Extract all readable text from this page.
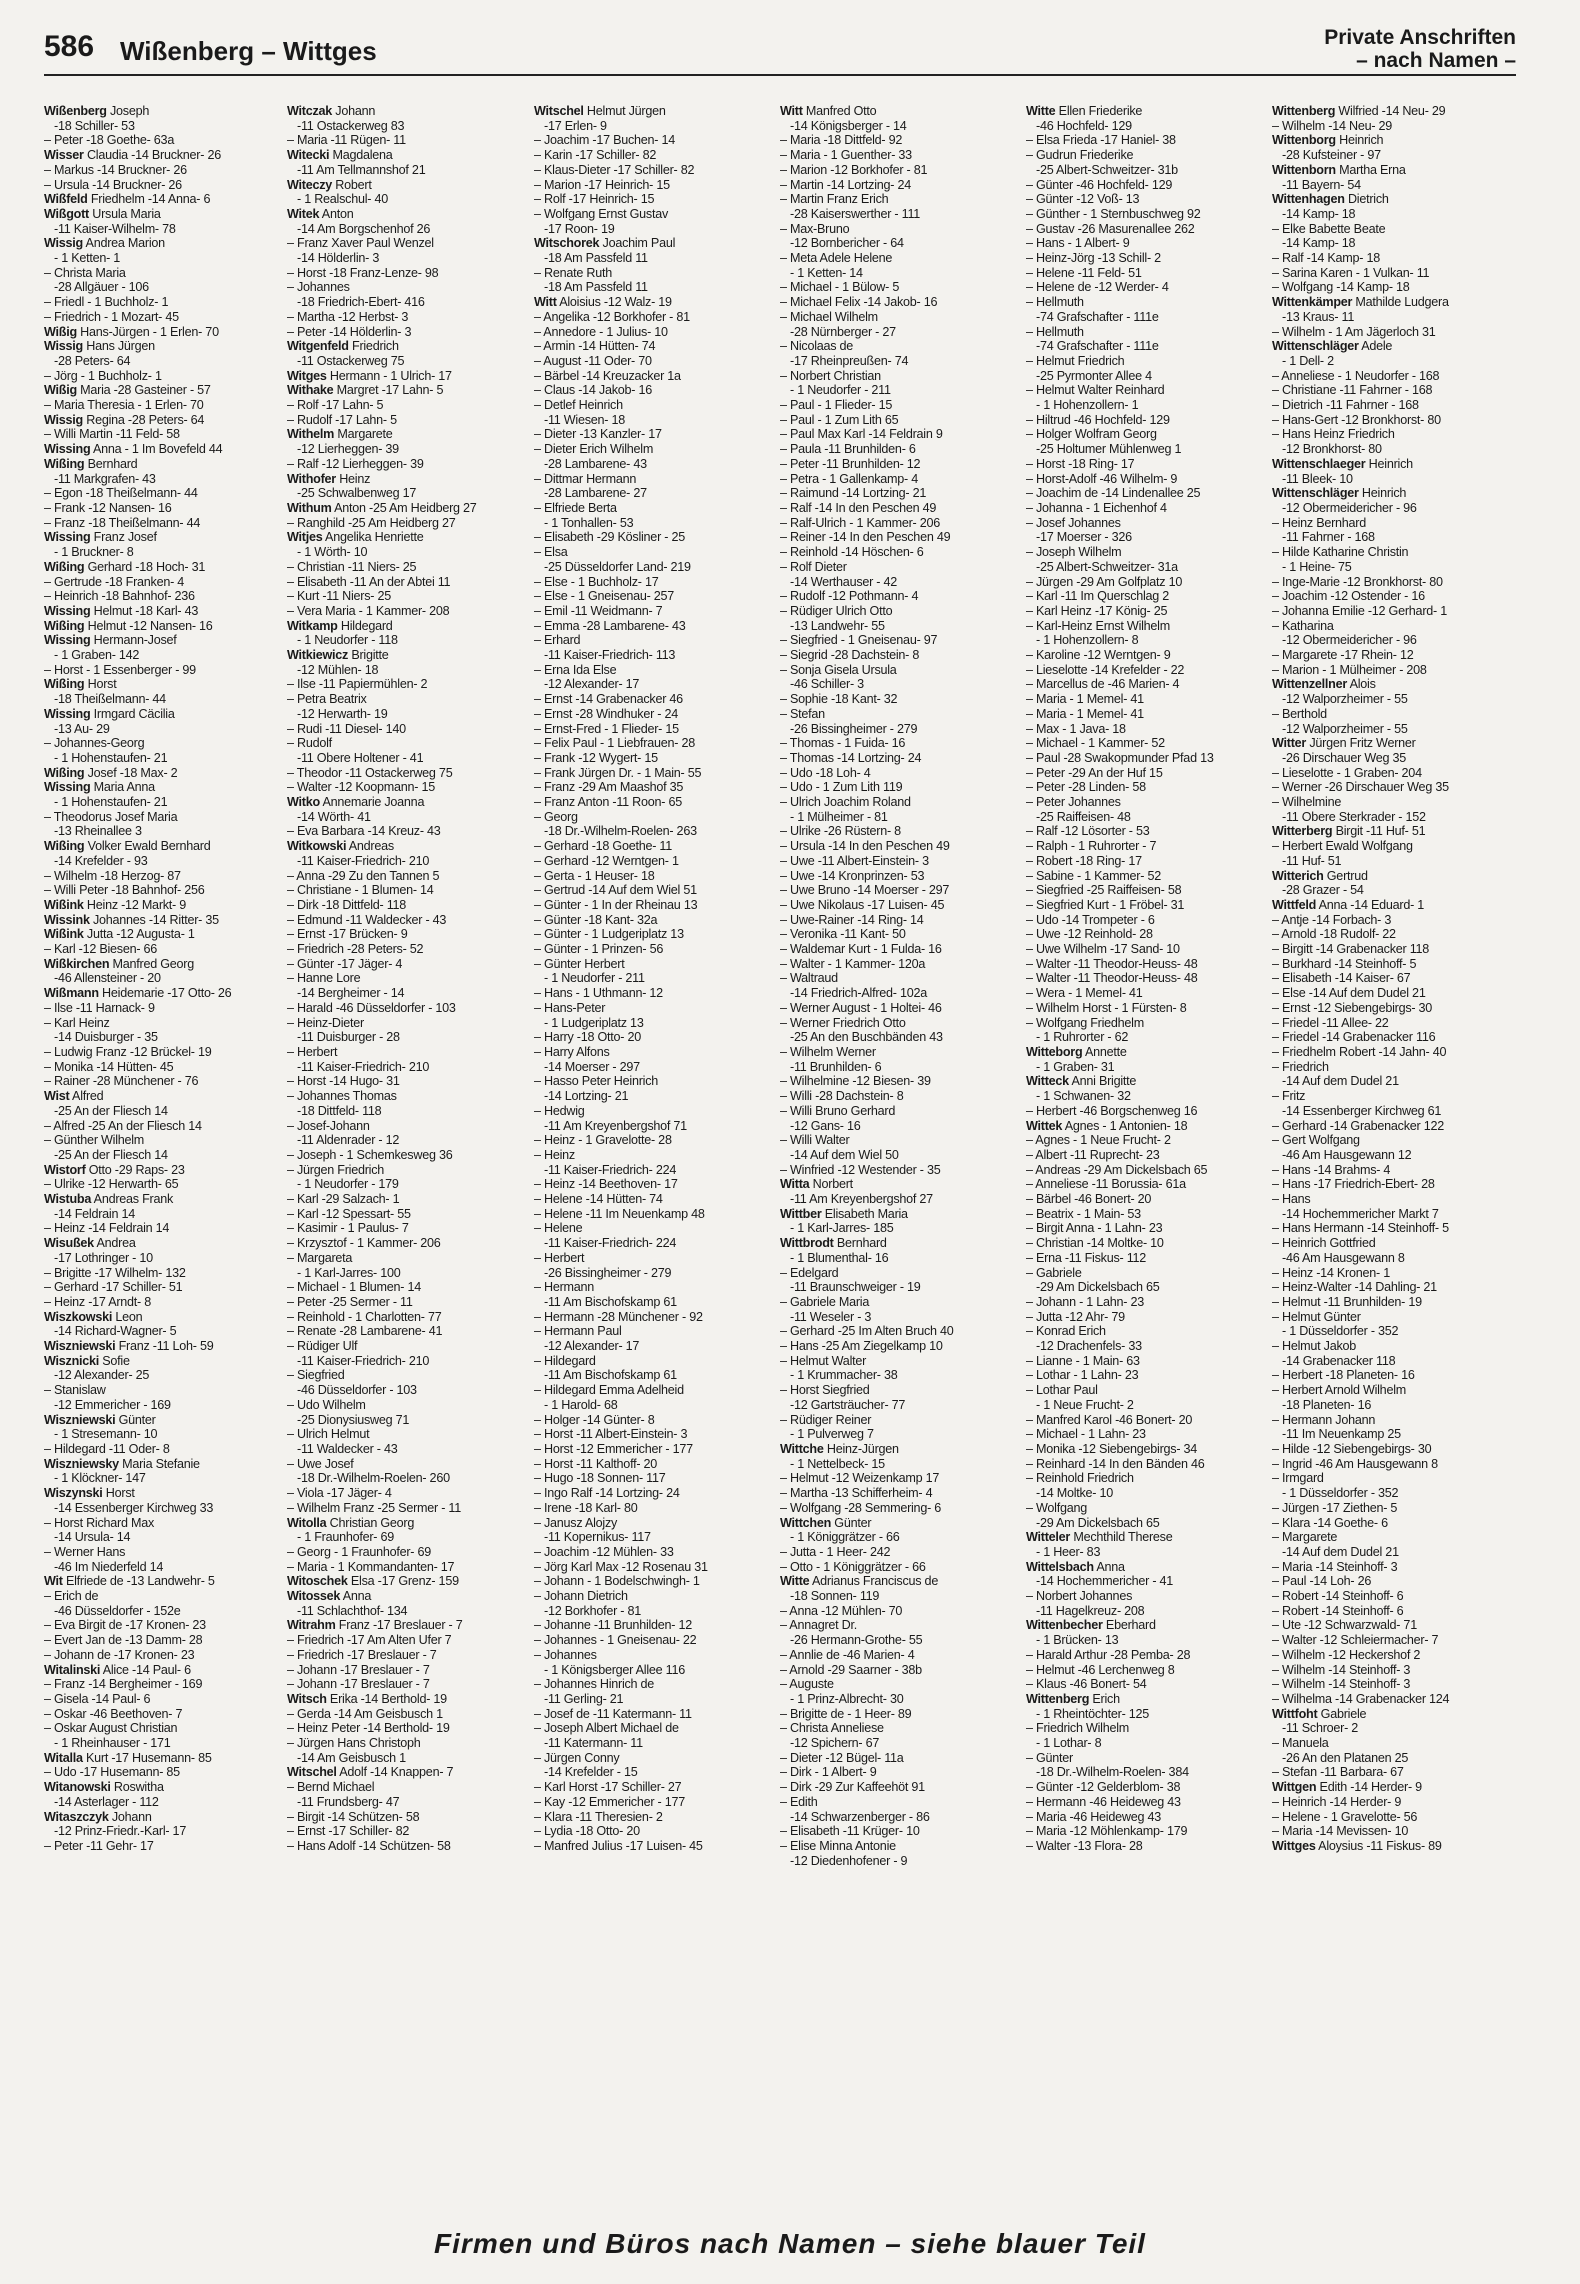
586 Wißenberg – Wittges	Private Anschriften
– nach Namen –
Wißenberg Joseph
-18 Schiller- 53
– Peter -18 Goethe- 63a
Wisser Claudia -14 Bruckner- 26
– Markus -14 Bruckner- 26
– Ursula -14 Bruckner- 26
Wißfeld Friedhelm -14 Anna- 6
Wißgott Ursula Maria
-11 Kaiser-Wilhelm- 78
Wissig Andrea Marion
- 1 Ketten- 1
– Christa Maria
-28 Allgäuer - 106
– Friedl - 1 Buchholz- 1
– Friedrich - 1 Mozart- 45
Wißig Hans-Jürgen - 1 Erlen- 70
Wissig Hans Jürgen
-28 Peters- 64
– Jörg - 1 Buchholz- 1
Wißig Maria -28 Gasteiner - 57
– Maria Theresia - 1 Erlen- 70
Wissig Regina -28 Peters- 64
– Willi Martin -11 Feld- 58
Wissing Anna - 1 Im Bovefeld 44
Wißing Bernhard
-11 Markgrafen- 43
– Egon -18 Theißelmann- 44
– Frank -12 Nansen- 16
– Franz -18 Theißelmann- 44
Wissing Franz Josef
- 1 Bruckner- 8
Wißing Gerhard -18 Hoch- 31
– Gertrude -18 Franken- 4
– Heinrich -18 Bahnhof- 236
Wissing Helmut -18 Karl- 43
Wißing Helmut -12 Nansen- 16
Wissing Hermann-Josef
- 1 Graben- 142
– Horst - 1 Essenberger - 99
Wißing Horst
-18 Theißelmann- 44
Wissing Irmgard Cäcilia
-13 Au- 29
– Johannes-Georg
- 1 Hohenstaufen- 21
Wißing Josef -18 Max- 2
Wissing Maria Anna
- 1 Hohenstaufen- 21
– Theodorus Josef Maria
-13 Rheinallee 3
Wißing Volker Ewald Bernhard
-14 Krefelder - 93
– Wilhelm -18 Herzog- 87
– Willi Peter -18 Bahnhof- 256
Wißink Heinz -12 Markt- 9
Wissink Johannes -14 Ritter- 35
Wißink Jutta -12 Augusta- 1
– Karl -12 Biesen- 66
Wißkirchen Manfred Georg
-46 Allensteiner - 20
Wißmann Heidemarie -17 Otto- 26
– Ilse -11 Harnack- 9
– Karl Heinz
-14 Duisburger - 35
– Ludwig Franz -12 Brückel- 19
– Monika -14 Hütten- 45
– Rainer -28 Münchener - 76
Wist Alfred
-25 An der Fliesch 14
– Alfred -25 An der Fliesch 14
– Günther Wilhelm
-25 An der Fliesch 14
Wistorf Otto -29 Raps- 23
– Ulrike -12 Herwarth- 65
Wistuba Andreas Frank
-14 Feldrain 14
– Heinz -14 Feldrain 14
Wisußek Andrea
-17 Lothringer - 10
– Brigitte -17 Wilhelm- 132
– Gerhard -17 Schiller- 51
– Heinz -17 Arndt- 8
Wiszkowski Leon
-14 Richard-Wagner- 5
Wiszniewski Franz -11 Loh- 59
Wisznicki Sofie
-12 Alexander- 25
– Stanislaw
-12 Emmericher - 169
Wiszniewski Günter
- 1 Stresemann- 10
– Hildegard -11 Oder- 8
Wiszniewsky Maria Stefanie
- 1 Klöckner- 147
Wiszynski Horst
-14 Essenberger Kirchweg 33
– Horst Richard Max
-14 Ursula- 14
– Werner Hans
-46 Im Niederfeld 14
Wit Elfriede de -13 Landwehr- 5
– Erich de
-46 Düsseldorfer - 152e
– Eva Birgit de -17 Kronen- 23
– Evert Jan de -13 Damm- 28
– Johann de -17 Kronen- 23
Witalinski Alice -14 Paul- 6
– Franz -14 Bergheimer - 169
– Gisela -14 Paul- 6
– Oskar -46 Beethoven- 7
– Oskar August Christian
- 1 Rheinhauser - 171
Witalla Kurt -17 Husemann- 85
– Udo -17 Husemann- 85
Witanowski Roswitha
-14 Asterlager - 112
Witaszczyk Johann
-12 Prinz-Friedr.-Karl- 17
– Peter -11 Gehr- 17
Witczak Johann
-11 Ostackerweg 83
– Maria -11 Rügen- 11
Witecki Magdalena
-11 Am Tellmannshof 21
Witeczy Robert
- 1 Realschul- 40
Witek Anton
-14 Am Borgschenhof 26
– Franz Xaver Paul Wenzel
-14 Hölderlin- 3
– Horst -18 Franz-Lenze- 98
– Johannes
-18 Friedrich-Ebert- 416
– Martha -12 Herbst- 3
– Peter -14 Hölderlin- 3
Witgenfeld Friedrich
-11 Ostackerweg 75
Witges Hermann - 1 Ulrich- 17
Withake Margret -17 Lahn- 5
– Rolf -17 Lahn- 5
– Rudolf -17 Lahn- 5
Withelm Margarete
-12 Lierheggen- 39
– Ralf -12 Lierheggen- 39
Withofer Heinz
-25 Schwalbenweg 17
Withum Anton -25 Am Heidberg 27
– Ranghild -25 Am Heidberg 27
Witjes Angelika Henriette
- 1 Wörth- 10
– Christian -11 Niers- 25
– Elisabeth -11 An der Abtei 11
– Kurt -11 Niers- 25
– Vera Maria - 1 Kammer- 208
Witkamp Hildegard
- 1 Neudorfer - 118
Witkiewicz Brigitte
-12 Mühlen- 18
– Ilse -11 Papiermühlen- 2
– Petra Beatrix
-12 Herwarth- 19
– Rudi -11 Diesel- 140
– Rudolf
-11 Obere Holtener - 41
– Theodor -11 Ostackerweg 75
– Walter -12 Koopmann- 15
Witko Annemarie Joanna
-14 Wörth- 41
– Eva Barbara -14 Kreuz- 43
Witkowski Andreas
-11 Kaiser-Friedrich- 210
– Anna -29 Zu den Tannen 5
– Christiane - 1 Blumen- 14
– Dirk -18 Dittfeld- 118
– Edmund -11 Waldecker - 43
– Ernst -17 Brücken- 9
– Friedrich -28 Peters- 52
– Günter -17 Jäger- 4
– Hanne Lore
-14 Bergheimer - 14
– Harald -46 Düsseldorfer - 103
– Heinz-Dieter
-11 Duisburger - 28
– Herbert
-11 Kaiser-Friedrich- 210
– Horst -14 Hugo- 31
– Johannes Thomas
-18 Dittfeld- 118
– Josef-Johann
-11 Aldenrader - 12
– Joseph - 1 Schemkesweg 36
– Jürgen Friedrich
- 1 Neudorfer - 179
– Karl -29 Salzach- 1
– Karl -12 Spessart- 55
– Kasimir - 1 Paulus- 7
– Krzysztof - 1 Kammer- 206
– Margareta
- 1 Karl-Jarres- 100
– Michael - 1 Blumen- 14
– Peter -25 Sermer - 11
– Reinhold - 1 Charlotten- 77
– Renate -28 Lambarene- 41
– Rüdiger Ulf
-11 Kaiser-Friedrich- 210
– Siegfried
-46 Düsseldorfer - 103
– Udo Wilhelm
-25 Dionysiusweg 71
– Ulrich Helmut
-11 Waldecker - 43
– Uwe Josef
-18 Dr.-Wilhelm-Roelen- 260
– Viola -17 Jäger- 4
– Wilhelm Franz -25 Sermer - 11
Witolla Christian Georg
- 1 Fraunhofer- 69
– Georg - 1 Fraunhofer- 69
– Maria - 1 Kommandanten- 17
Witoschek Elsa -17 Grenz- 159
Witossek Anna
-11 Schlachthof- 134
Witrahm Franz -17 Breslauer - 7
– Friedrich -17 Am Alten Ufer 7
– Friedrich -17 Breslauer - 7
– Johann -17 Breslauer - 7
– Johann -17 Breslauer - 7
Witsch Erika -14 Berthold- 19
– Gerda -14 Am Geisbusch 1
– Heinz Peter -14 Berthold- 19
– Jürgen Hans Christoph
-14 Am Geisbusch 1
Witschel Adolf -14 Knappen- 7
– Bernd Michael
-11 Frundsberg- 47
– Birgit -14 Schützen- 58
– Ernst -17 Schiller- 82
– Hans Adolf -14 Schützen- 58
Witschel Helmut Jürgen
-17 Erlen- 9
– Joachim -17 Buchen- 14
– Karin -17 Schiller- 82
– Klaus-Dieter -17 Schiller- 82
– Marion -17 Heinrich- 15
– Rolf -17 Heinrich- 15
– Wolfgang Ernst Gustav
-17 Roon- 19
Witschorek Joachim Paul
-18 Am Passfeld 11
– Renate Ruth
-18 Am Passfeld 11
Witt Aloisius -12 Walz- 19
– Angelika -12 Borkhofer - 81
– Annedore - 1 Julius- 10
– Armin -14 Hütten- 74
– August -11 Oder- 70
– Bärbel -14 Kreuzacker 1a
– Claus -14 Jakob- 16
– Detlef Heinrich
-11 Wiesen- 18
– Dieter -13 Kanzler- 17
– Dieter Erich Wilhelm
-28 Lambarene- 43
– Dittmar Hermann
-28 Lambarene- 27
– Elfriede Berta
- 1 Tonhallen- 53
– Elisabeth -29 Kösliner - 25
– Elsa
-25 Düsseldorfer Land- 219
– Else - 1 Buchholz- 17
– Else - 1 Gneisenau- 257
– Emil -11 Weidmann- 7
– Emma -28 Lambarene- 43
– Erhard
-11 Kaiser-Friedrich- 113
– Erna Ida Else
-12 Alexander- 17
– Ernst -14 Grabenacker 46
– Ernst -28 Windhuker - 24
– Ernst-Fred - 1 Flieder- 15
– Felix Paul - 1 Liebfrauen- 28
– Frank -12 Wygert- 15
– Frank Jürgen Dr. - 1 Main- 55
– Franz -29 Am Maashof 35
– Franz Anton -11 Roon- 65
– Georg
-18 Dr.-Wilhelm-Roelen- 263
– Gerhard -18 Goethe- 11
– Gerhard -12 Werntgen- 1
– Gerta - 1 Heuser- 18
– Gertrud -14 Auf dem Wiel 51
– Günter - 1 In der Rheinau 13
– Günter -18 Kant- 32a
– Günter - 1 Ludgeriplatz 13
– Günter - 1 Prinzen- 56
– Günter Herbert
- 1 Neudorfer - 211
– Hans - 1 Uthmann- 12
– Hans-Peter
- 1 Ludgeriplatz 13
– Harry -18 Otto- 20
– Harry Alfons
-14 Moerser - 297
– Hasso Peter Heinrich
-14 Lortzing- 21
– Hedwig
-11 Am Kreyenbergshof 71
– Heinz - 1 Gravelotte- 28
– Heinz
-11 Kaiser-Friedrich- 224
– Heinz -14 Beethoven- 17
– Helene -14 Hütten- 74
– Helene -11 Im Neuenkamp 48
– Helene
-11 Kaiser-Friedrich- 224
– Herbert
-26 Bissingheimer - 279
– Hermann
-11 Am Bischofskamp 61
– Hermann -28 Münchener - 92
– Hermann Paul
-12 Alexander- 17
– Hildegard
-11 Am Bischofskamp 61
– Hildegard Emma Adelheid
- 1 Harold- 68
– Holger -14 Günter- 8
– Horst -11 Albert-Einstein- 3
– Horst -12 Emmericher - 177
– Horst -11 Kalthoff- 20
– Hugo -18 Sonnen- 117
– Ingo Ralf -14 Lortzing- 24
– Irene -18 Karl- 80
– Janusz Alojzy
-11 Kopernikus- 117
– Joachim -12 Mühlen- 33
– Jörg Karl Max -12 Rosenau 31
– Johann - 1 Bodelschwingh- 1
– Johann Dietrich
-12 Borkhofer - 81
– Johanne -11 Brunhilden- 12
– Johannes - 1 Gneisenau- 22
– Johannes
- 1 Königsberger Allee 116
– Johannes Hinrich de
-11 Gerling- 21
– Josef de -11 Katermann- 11
– Joseph Albert Michael de
-11 Katermann- 11
– Jürgen Conny
-14 Krefelder - 15
– Karl Horst -17 Schiller- 27
– Kay -12 Emmericher - 177
– Klara -11 Theresien- 2
– Lydia -18 Otto- 20
– Manfred Julius -17 Luisen- 45
Witt Manfred Otto
-14 Königsberger - 14
– Maria -18 Dittfeld- 92
– Maria - 1 Guenther- 33
– Marion -12 Borkhofer - 81
– Martin -14 Lortzing- 24
– Martin Franz Erich
-28 Kaiserswerther - 111
– Max-Bruno
-12 Bornbericher - 64
– Meta Adele Helene
- 1 Ketten- 14
– Michael - 1 Bülow- 5
– Michael Felix -14 Jakob- 16
– Michael Wilhelm
-28 Nürnberger - 27
– Nicolaas de
-17 Rheinpreußen- 74
– Norbert Christian
- 1 Neudorfer - 211
– Paul - 1 Flieder- 15
– Paul - 1 Zum Lith 65
– Paul Max Karl -14 Feldrain 9
– Paula -11 Brunhilden- 6
– Peter -11 Brunhilden- 12
– Petra - 1 Gallenkamp- 4
– Raimund -14 Lortzing- 21
– Ralf -14 In den Peschen 49
– Ralf-Ulrich - 1 Kammer- 206
– Reiner -14 In den Peschen 49
– Reinhold -14 Höschen- 6
– Rolf Dieter
-14 Werthauser - 42
– Rudolf -12 Pothmann- 4
– Rüdiger Ulrich Otto
-13 Landwehr- 55
– Siegfried - 1 Gneisenau- 97
– Siegrid -28 Dachstein- 8
– Sonja Gisela Ursula
-46 Schiller- 3
– Sophie -18 Kant- 32
– Stefan
-26 Bissingheimer - 279
– Thomas - 1 Fuida- 16
– Thomas -14 Lortzing- 24
– Udo -18 Loh- 4
– Udo - 1 Zum Lith 119
– Ulrich Joachim Roland
- 1 Mülheimer - 81
– Ulrike -26 Rüstern- 8
– Ursula -14 In den Peschen 49
– Uwe -11 Albert-Einstein- 3
– Uwe -14 Kronprinzen- 53
– Uwe Bruno -14 Moerser - 297
– Uwe Nikolaus -17 Luisen- 45
– Uwe-Rainer -14 Ring- 14
– Veronika -11 Kant- 50
– Waldemar Kurt - 1 Fulda- 16
– Walter - 1 Kammer- 120a
– Waltraud
-14 Friedrich-Alfred- 102a
– Werner August - 1 Holtei- 46
– Werner Friedrich Otto
-25 An den Buschbänden 43
– Wilhelm Werner
-11 Brunhilden- 6
– Wilhelmine -12 Biesen- 39
– Willi -28 Dachstein- 8
– Willi Bruno Gerhard
-12 Gans- 16
– Willi Walter
-14 Auf dem Wiel 50
– Winfried -12 Westender - 35
Witta Norbert
-11 Am Kreyenbergshof 27
Wittber Elisabeth Maria
- 1 Karl-Jarres- 185
Wittbrodt Bernhard
- 1 Blumenthal- 16
– Edelgard
-11 Braunschweiger - 19
– Gabriele Maria
-11 Weseler - 3
– Gerhard -25 Im Alten Bruch 40
– Hans -25 Am Ziegelkamp 10
– Helmut Walter
- 1 Krummacher- 38
– Horst Siegfried
-12 Gartsträucher- 77
– Rüdiger Reiner
- 1 Pulverweg 7
Wittche Heinz-Jürgen
- 1 Nettelbeck- 15
– Helmut -12 Weizenkamp 17
– Martha -13 Schifferheim- 4
– Wolfgang -28 Semmering- 6
Wittchen Günter
- 1 Königgrätzer - 66
– Jutta - 1 Heer- 242
– Otto - 1 Königgrätzer - 66
Witte Adrianus Franciscus de
-18 Sonnen- 119
– Anna -12 Mühlen- 70
– Annagret Dr.
-26 Hermann-Grothe- 55
– Annlie de -46 Marien- 4
– Arnold -29 Saarner - 38b
– Auguste
- 1 Prinz-Albrecht- 30
– Brigitte de - 1 Heer- 89
– Christa Anneliese
-12 Spichern- 67
– Dieter -12 Bügel- 11a
– Dirk - 1 Albert- 9
– Dirk -29 Zur Kaffeehöt 91
– Edith
-14 Schwarzenberger - 86
– Elisabeth -11 Krüger- 10
– Elise Minna Antonie
-12 Diedenhofener - 9
Witte Ellen Friederike
-46 Hochfeld- 129
– Elsa Frieda -17 Haniel- 38
– Gudrun Friederike
-25 Albert-Schweitzer- 31b
– Günter -46 Hochfeld- 129
– Günter -12 Voß- 13
– Günther - 1 Sternbuschweg 92
– Gustav -26 Masurenallee 262
– Hans - 1 Albert- 9
– Heinz-Jörg -13 Schill- 2
– Helene -11 Feld- 51
– Helene de -12 Werder- 4
– Hellmuth
-74 Grafschafter - 111e
– Hellmuth
-74 Grafschafter - 111e
– Helmut Friedrich
-25 Pyrmonter Allee 4
– Helmut Walter Reinhard
- 1 Hohenzollern- 1
– Hiltrud -46 Hochfeld- 129
– Holger Wolfram Georg
-25 Holtumer Mühlenweg 1
– Horst -18 Ring- 17
– Horst-Adolf -46 Wilhelm- 9
– Joachim de -14 Lindenallee 25
– Johanna - 1 Eichenhof 4
– Josef Johannes
-17 Moerser - 326
– Joseph Wilhelm
-25 Albert-Schweitzer- 31a
– Jürgen -29 Am Golfplatz 10
– Karl -11 Im Querschlag 2
– Karl Heinz -17 König- 25
– Karl-Heinz Ernst Wilhelm
- 1 Hohenzollern- 8
– Karoline -12 Werntgen- 9
– Lieselotte -14 Krefelder - 22
– Marcellus de -46 Marien- 4
– Maria - 1 Memel- 41
– Maria - 1 Memel- 41
– Max - 1 Java- 18
– Michael - 1 Kammer- 52
– Paul -28 Swakopmunder Pfad 13
– Peter -29 An der Huf 15
– Peter -28 Linden- 58
– Peter Johannes
-25 Raiffeisen- 48
– Ralf -12 Lösorter - 53
– Ralph - 1 Ruhrorter - 7
– Robert -18 Ring- 17
– Sabine - 1 Kammer- 52
– Siegfried -25 Raiffeisen- 58
– Siegfried Kurt - 1 Fröbel- 31
– Udo -14 Trompeter - 6
– Uwe -12 Reinhold- 28
– Uwe Wilhelm -17 Sand- 10
– Walter -11 Theodor-Heuss- 48
– Walter -11 Theodor-Heuss- 48
– Wera - 1 Memel- 41
– Wilhelm Horst - 1 Fürsten- 8
– Wolfgang Friedhelm
- 1 Ruhrorter - 62
Witteborg Annette
- 1 Graben- 31
Witteck Anni Brigitte
- 1 Schwanen- 32
– Herbert -46 Borgschenweg 16
Wittek Agnes - 1 Antonien- 18
– Agnes - 1 Neue Frucht- 2
– Albert -11 Ruprecht- 23
– Andreas -29 Am Dickelsbach 65
– Anneliese -11 Borussia- 61a
– Bärbel -46 Bonert- 20
– Beatrix - 1 Main- 53
– Birgit Anna - 1 Lahn- 23
– Christian -14 Moltke- 10
– Erna -11 Fiskus- 112
– Gabriele
-29 Am Dickelsbach 65
– Johann - 1 Lahn- 23
– Jutta -12 Ahr- 79
– Konrad Erich
-12 Drachenfels- 33
– Lianne - 1 Main- 63
– Lothar - 1 Lahn- 23
– Lothar Paul
- 1 Neue Frucht- 2
– Manfred Karol -46 Bonert- 20
– Michael - 1 Lahn- 23
– Monika -12 Siebengebirgs- 34
– Reinhard -14 In den Bänden 46
– Reinhold Friedrich
-14 Moltke- 10
– Wolfgang
-29 Am Dickelsbach 65
Witteler Mechthild Therese
- 1 Heer- 83
Wittelsbach Anna
-14 Hochemmericher - 41
– Norbert Johannes
-11 Hagelkreuz- 208
Wittenbecher Eberhard
- 1 Brücken- 13
– Harald Arthur -28 Pemba- 28
– Helmut -46 Lerchenweg 8
– Klaus -46 Bonert- 54
Wittenberg Erich
- 1 Rheintöchter- 125
– Friedrich Wilhelm
- 1 Lothar- 8
– Günter
-18 Dr.-Wilhelm-Roelen- 384
– Günter -12 Gelderblom- 38
– Hermann -46 Heideweg 43
– Maria -46 Heideweg 43
– Maria -12 Möhlenkamp- 179
– Walter -13 Flora- 28
Wittenberg Wilfried -14 Neu- 29
– Wilhelm -14 Neu- 29
Wittenborg Heinrich
-28 Kufsteiner - 97
Wittenborn Martha Erna
-11 Bayern- 54
Wittenhagen Dietrich
-14 Kamp- 18
– Elke Babette Beate
-14 Kamp- 18
– Ralf -14 Kamp- 18
– Sarina Karen - 1 Vulkan- 11
– Wolfgang -14 Kamp- 18
Wittenkämper Mathilde Ludgera
-13 Kraus- 11
– Wilhelm - 1 Am Jägerloch 31
Wittenschläger Adele
- 1 Dell- 2
– Anneliese - 1 Neudorfer - 168
– Christiane -11 Fahrner - 168
– Dietrich -11 Fahrner - 168
– Hans-Gert -12 Bronkhorst- 80
– Hans Heinz Friedrich
-12 Bronkhorst- 80
Wittenschlaeger Heinrich
-11 Bleek- 10
Wittenschläger Heinrich
-12 Obermeidericher - 96
– Heinz Bernhard
-11 Fahrner - 168
– Hilde Katharine Christin
- 1 Heine- 75
– Inge-Marie -12 Bronkhorst- 80
– Joachim -12 Ostender - 16
– Johanna Emilie -12 Gerhard- 1
– Katharina
-12 Obermeidericher - 96
– Margarete -17 Rhein- 12
– Marion - 1 Mülheimer - 208
Wittenzellner Alois
-12 Walporzheimer - 55
– Berthold
-12 Walporzheimer - 55
Witter Jürgen Fritz Werner
-26 Dirschauer Weg 35
– Lieselotte - 1 Graben- 204
– Werner -26 Dirschauer Weg 35
– Wilhelmine
-11 Obere Sterkrader - 152
Witterberg Birgit -11 Huf- 51
– Herbert Ewald Wolfgang
-11 Huf- 51
Witterich Gertrud
-28 Grazer - 54
Wittfeld Anna -14 Eduard- 1
– Antje -14 Forbach- 3
– Arnold -18 Rudolf- 22
– Birgitt -14 Grabenacker 118
– Burkhard -14 Steinhoff- 5
– Elisabeth -14 Kaiser- 67
– Else -14 Auf dem Dudel 21
– Ernst -12 Siebengebirgs- 30
– Friedel -11 Allee- 22
– Friedel -14 Grabenacker 116
– Friedhelm Robert -14 Jahn- 40
– Friedrich
-14 Auf dem Dudel 21
– Fritz
-14 Essenberger Kirchweg 61
– Gerhard -14 Grabenacker 122
– Gert Wolfgang
-46 Am Hausgewann 12
– Hans -14 Brahms- 4
– Hans -17 Friedrich-Ebert- 28
– Hans
-14 Hochemmericher Markt 7
– Hans Hermann -14 Steinhoff- 5
– Heinrich Gottfried
-46 Am Hausgewann 8
– Heinz -14 Kronen- 1
– Heinz-Walter -14 Dahling- 21
– Helmut -11 Brunhilden- 19
– Helmut Günter
- 1 Düsseldorfer - 352
– Helmut Jakob
-14 Grabenacker 118
– Herbert -18 Planeten- 16
– Herbert Arnold Wilhelm
-18 Planeten- 16
– Hermann Johann
-11 Im Neuenkamp 25
– Hilde -12 Siebengebirgs- 30
– Ingrid -46 Am Hausgewann 8
– Irmgard
- 1 Düsseldorfer - 352
– Jürgen -17 Ziethen- 5
– Klara -14 Goethe- 6
– Margarete
-14 Auf dem Dudel 21
– Maria -14 Steinhoff- 3
– Paul -14 Loh- 26
– Robert -14 Steinhoff- 6
– Robert -14 Steinhoff- 6
– Ute -12 Schwarzwald- 71
– Walter -12 Schleiermacher- 7
– Wilhelm -12 Heckershof 2
– Wilhelm -14 Steinhoff- 3
– Wilhelm -14 Steinhoff- 3
– Wilhelma -14 Grabenacker 124
Wittfoht Gabriele
-11 Schroer- 2
– Manuela
-26 An den Platanen 25
– Stefan -11 Barbara- 67
Wittgen Edith -14 Herder- 9
– Heinrich -14 Herder- 9
– Helene - 1 Gravelotte- 56
– Maria -14 Mevissen- 10
Wittges Aloysius -11 Fiskus- 89
Firmen und Büros nach Namen – siehe blauer Teil
